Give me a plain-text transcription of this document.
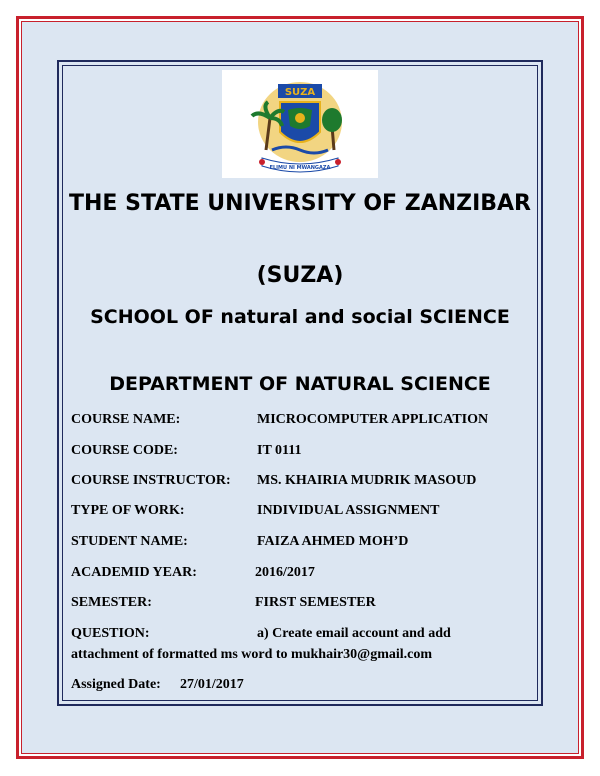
SUZA
ELIMU NI MWANGAZA
THE STATE UNIVERSITY OF ZANZIBAR
(SUZA)
SCHOOL OF natural and social SCIENCE
DEPARTMENT OF NATURAL SCIENCE
COURSE NAME:	MICROCOMPUTER APPLICATION
COURSE CODE:	IT 0111
COURSE INSTRUCTOR: MS. KHAIRIA MUDRIK MASOUD
TYPE OF WORK:	INDIVIDUAL ASSIGNMENT
STUDENT NAME:	FAIZA AHMED MOH’D
ACADEMID YEAR:	2016/2017
SEMESTER:	FIRST SEMESTER
QUESTION:	a) Create email account and add
attachment of formatted ms word to mukhair30@gmail.com
Assigned Date: 27/01/2017
